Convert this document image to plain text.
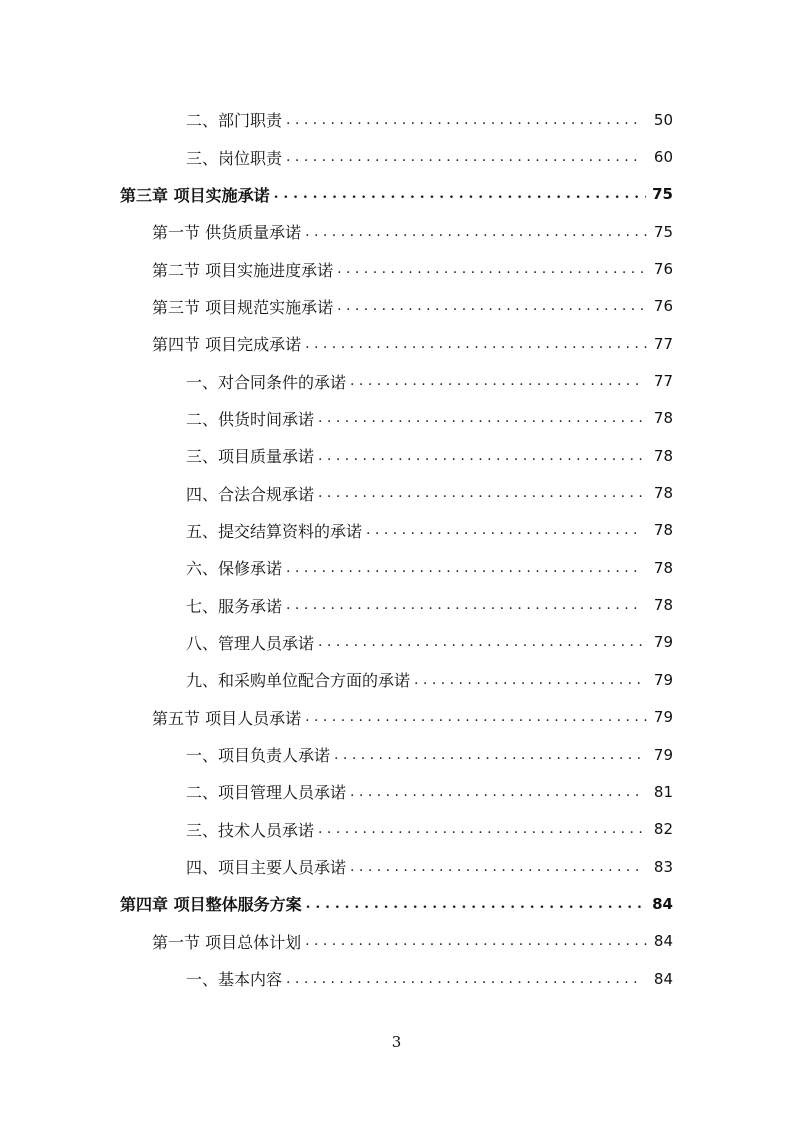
二、部门职责 . . .	50
三、岗位职责 . . .	60
第三章 项目实施承诺 . . .	75
第一节 供货质量承诺 . . .	75
第二节 项目实施进度承诺 . . .	76
第三节 项目规范实施承诺 . . .	76
第四节 项目完成承诺 . . .	77
一、对合同条件的承诺 . . .	77
二、供货时间承诺 . . .	78
三、项目质量承诺 . . .	78
四、合法合规承诺 . . .	78
五、提交结算资料的承诺 . . .	78
六、保修承诺 . . .	78
七、服务承诺 . . .	78
八、管理人员承诺 . . .	79
九、和采购单位配合方面的承诺 . . .	79
第五节 项目人员承诺 . . .	79
一、项目负责人承诺 . . .	79
二、项目管理人员承诺 . . .	81
三、技术人员承诺 . . .	82
四、项目主要人员承诺 . . .	83
第四章 项目整体服务方案 . . .	84
第一节 项目总体计划 . . .	84
一、基本内容 . . .	84
3
